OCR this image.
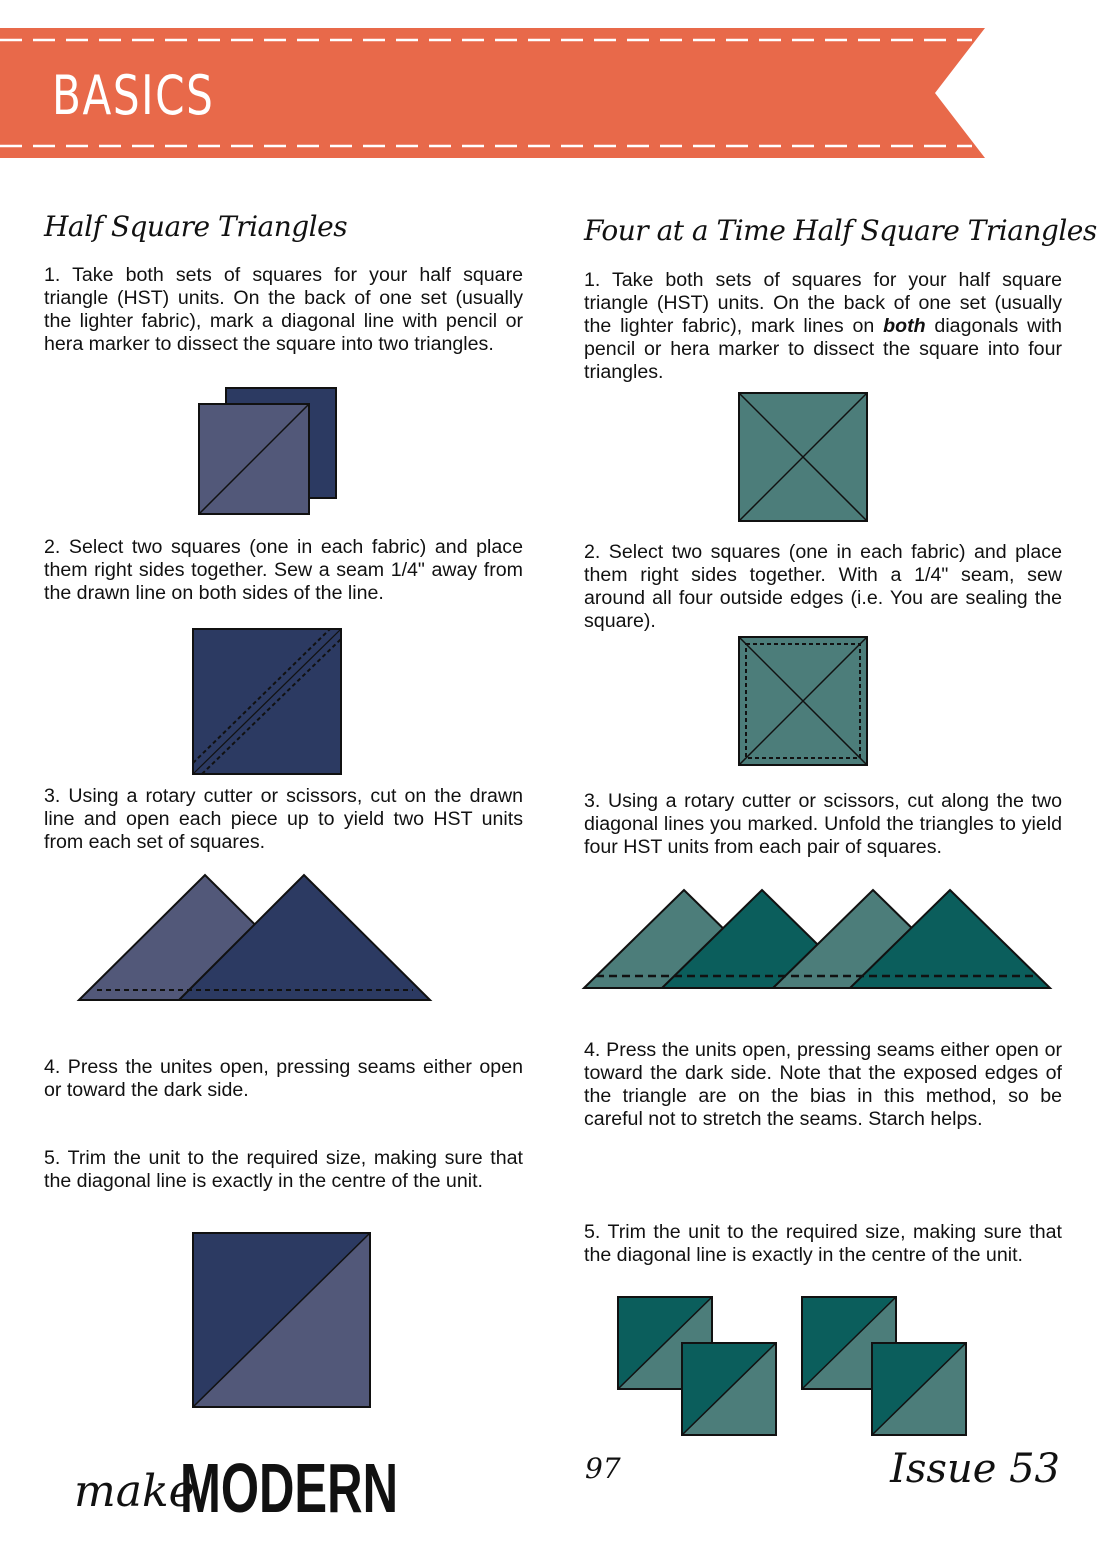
BASICS
Half Square Triangles

1. Take both sets of squares for your half square triangle (HST) units. On the back of one set (usually the lighter fabric), mark a diagonal line with pencil or hera marker to dissect the square into two triangles.

2. Select two squares (one in each fabric) and place them right sides together. Sew a seam 1/4" away from the drawn line on both sides of the line.

3. Using a rotary cutter or scissors, cut on the drawn line and open each piece up to yield two HST units from each set of squares.

4. Press the unites open, pressing seams either open or toward the dark side.

5. Trim the unit to the required size, making sure that the diagonal line is exactly in the centre of the unit.

Four at a Time Half Square Triangles

1. Take both sets of squares for your half square triangle (HST) units. On the back of one set (usually the lighter fabric), mark lines on both diagonals with pencil or hera marker to dissect the square into four triangles.

2. Select two squares (one in each fabric) and place them right sides together. With a 1/4" seam, sew around all four outside edges (i.e. You are sealing the square).

3. Using a rotary cutter or scissors, cut along the two diagonal lines you marked. Unfold the triangles to yield four HST units from each pair of squares.

4. Press the units open, pressing seams either open or toward the dark side. Note that the exposed edges of the triangle are on the bias in this method, so be careful not to stretch the seams. Starch helps.

5. Trim the unit to the required size, making sure that the diagonal line is exactly in the centre of the unit.

make
MODERN	97	Issue 53
